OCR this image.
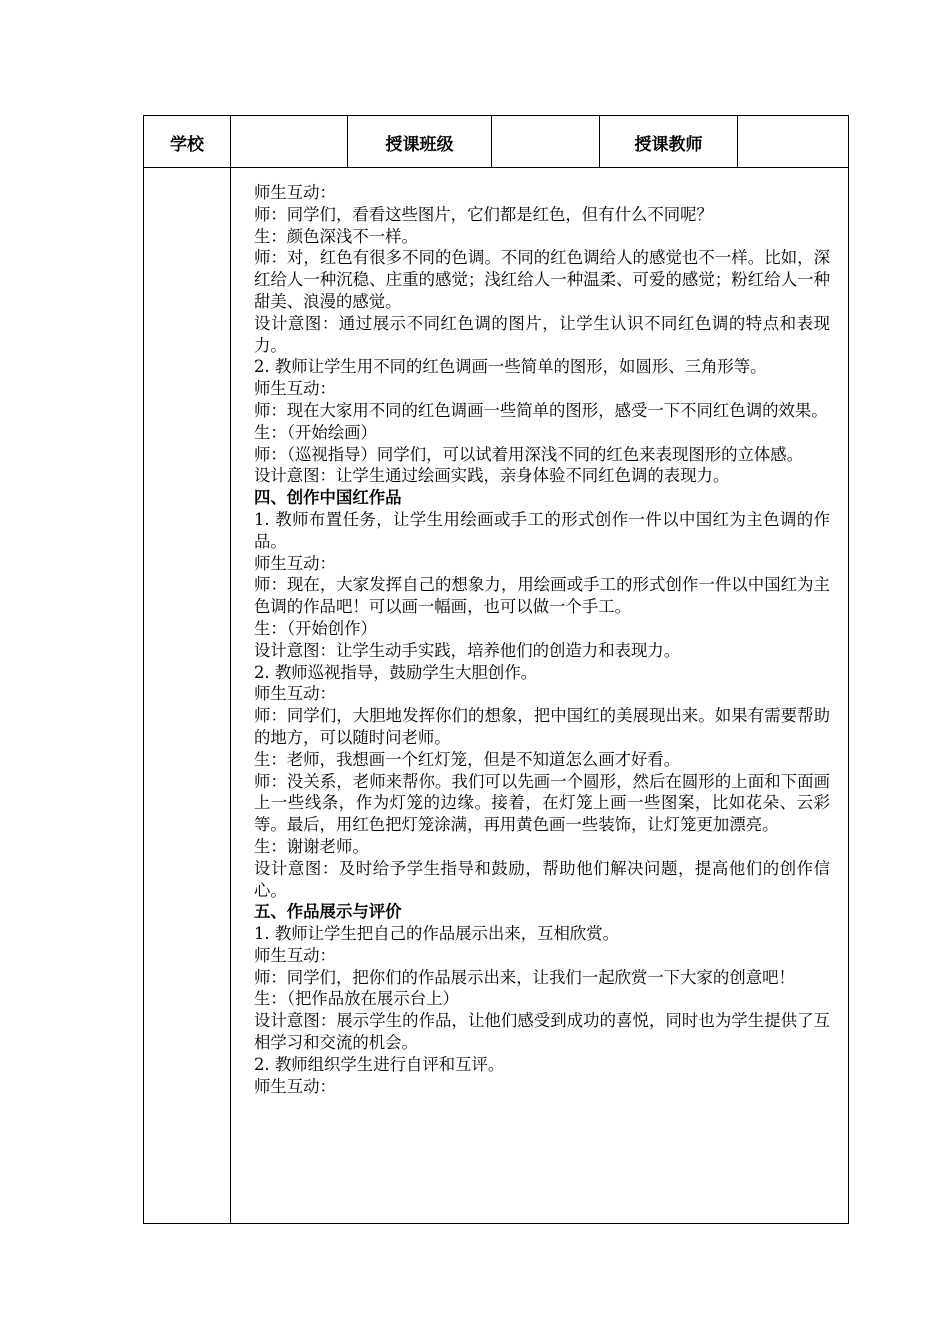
学校	授课班级	授课教师

师生互动：

师：同学们，看看这些图片，它们都是红色，但有什么不同呢？

生：颜色深浅不一样。

师：对，红色有很多不同的色调。不同的红色调给人的感觉也不一样。比如，深红给人一种沉稳、庄重的感觉；浅红给人一种温柔、可爱的感觉；粉红给人一种甜美、浪漫的感觉。

设计意图：通过展示不同红色调的图片，让学生认识不同红色调的特点和表现力。

2. 教师让学生用不同的红色调画一些简单的图形，如圆形、三角形等。

师生互动：

师：现在大家用不同的红色调画一些简单的图形，感受一下不同红色调的效果。

生：（开始绘画）

师：（巡视指导）同学们，可以试着用深浅不同的红色来表现图形的立体感。

设计意图：让学生通过绘画实践，亲身体验不同红色调的表现力。

四、创作中国红作品

1. 教师布置任务，让学生用绘画或手工的形式创作一件以中国红为主色调的作品。

师生互动：

师：现在，大家发挥自己的想象力，用绘画或手工的形式创作一件以中国红为主色调的作品吧！可以画一幅画，也可以做一个手工。

生：（开始创作）

设计意图：让学生动手实践，培养他们的创造力和表现力。

2. 教师巡视指导，鼓励学生大胆创作。

师生互动：

师：同学们，大胆地发挥你们的想象，把中国红的美展现出来。如果有需要帮助的地方，可以随时问老师。

生：老师，我想画一个红灯笼，但是不知道怎么画才好看。

师：没关系，老师来帮你。我们可以先画一个圆形，然后在圆形的上面和下面画上一些线条，作为灯笼的边缘。接着，在灯笼上画一些图案，比如花朵、云彩等。最后，用红色把灯笼涂满，再用黄色画一些装饰，让灯笼更加漂亮。

生：谢谢老师。

设计意图：及时给予学生指导和鼓励，帮助他们解决问题，提高他们的创作信心。

五、作品展示与评价

1. 教师让学生把自己的作品展示出来，互相欣赏。

师生互动：

师：同学们，把你们的作品展示出来，让我们一起欣赏一下大家的创意吧！

生：（把作品放在展示台上）

设计意图：展示学生的作品，让他们感受到成功的喜悦，同时也为学生提供了互相学习和交流的机会。

2. 教师组织学生进行自评和互评。

师生互动：
